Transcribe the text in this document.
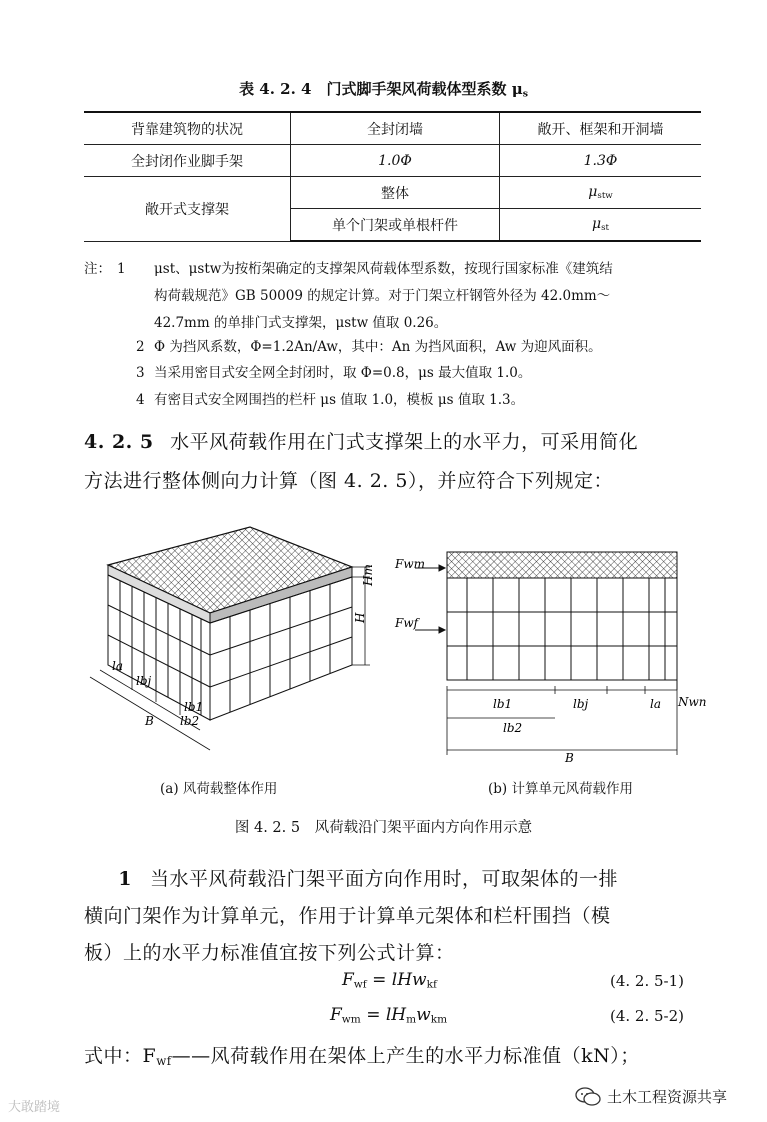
表 4. 2. 4　门式脚手架风荷载体型系数 $\mu_s$
背靠建筑物的状况	全封闭墙	敞开、框架和开洞墙
全封闭作业脚手架	1.0Φ	1.3Φ
敞开式支撑架	整体	$\mu_{stw}$
	单个门架或单根杆件	$\mu_{st}$
注： 1 μst、μstw为按桁架确定的支撑架风荷载体型系数，按现行国家标准《建筑结
构荷载规范》GB 50009 的规定计算。对于门架立杆钢管外径为 42.0mm～
42.7mm 的单排门式支撑架，μstw 值取 0.26。
2 Φ 为挡风系数，Φ=1.2An/Aw，其中：An 为挡风面积，Aw 为迎风面积。
3 当采用密目式安全网全封闭时，取 Φ=0.8，μs 最大值取 1.0。
4 有密目式安全网围挡的栏杆 μs 值取 1.0，模板 μs 值取 1.3。
4. 2. 5 水平风荷载作用在门式支撑架上的水平力，可采用简化
方法进行整体侧向力计算（图 4. 2. 5），并应符合下列规定：
Hm
H
la
lbj
lb1
lb2
B
Fwm
Fwf
lb1	lbj	la Nwn
lb2
B
(a) 风荷载整体作用	(b) 计算单元风荷载作用
图 4. 2. 5　风荷载沿门架平面内方向作用示意
1 当水平风荷载沿门架平面方向作用时，可取架体的一排
横向门架作为计算单元，作用于计算单元架体和栏杆围挡（模
板）上的水平力标准值宜按下列公式计算：
$F_{wf} = lHw_{kf}$	(4. 2. 5-1)
$F_{wm} = lH_mw_{km}$	(4. 2. 5-2)
式中：$F_{wf}——$风荷载作用在架体上产生的水平力标准值（kN）；
大敢踏境
土木工程资源共享
